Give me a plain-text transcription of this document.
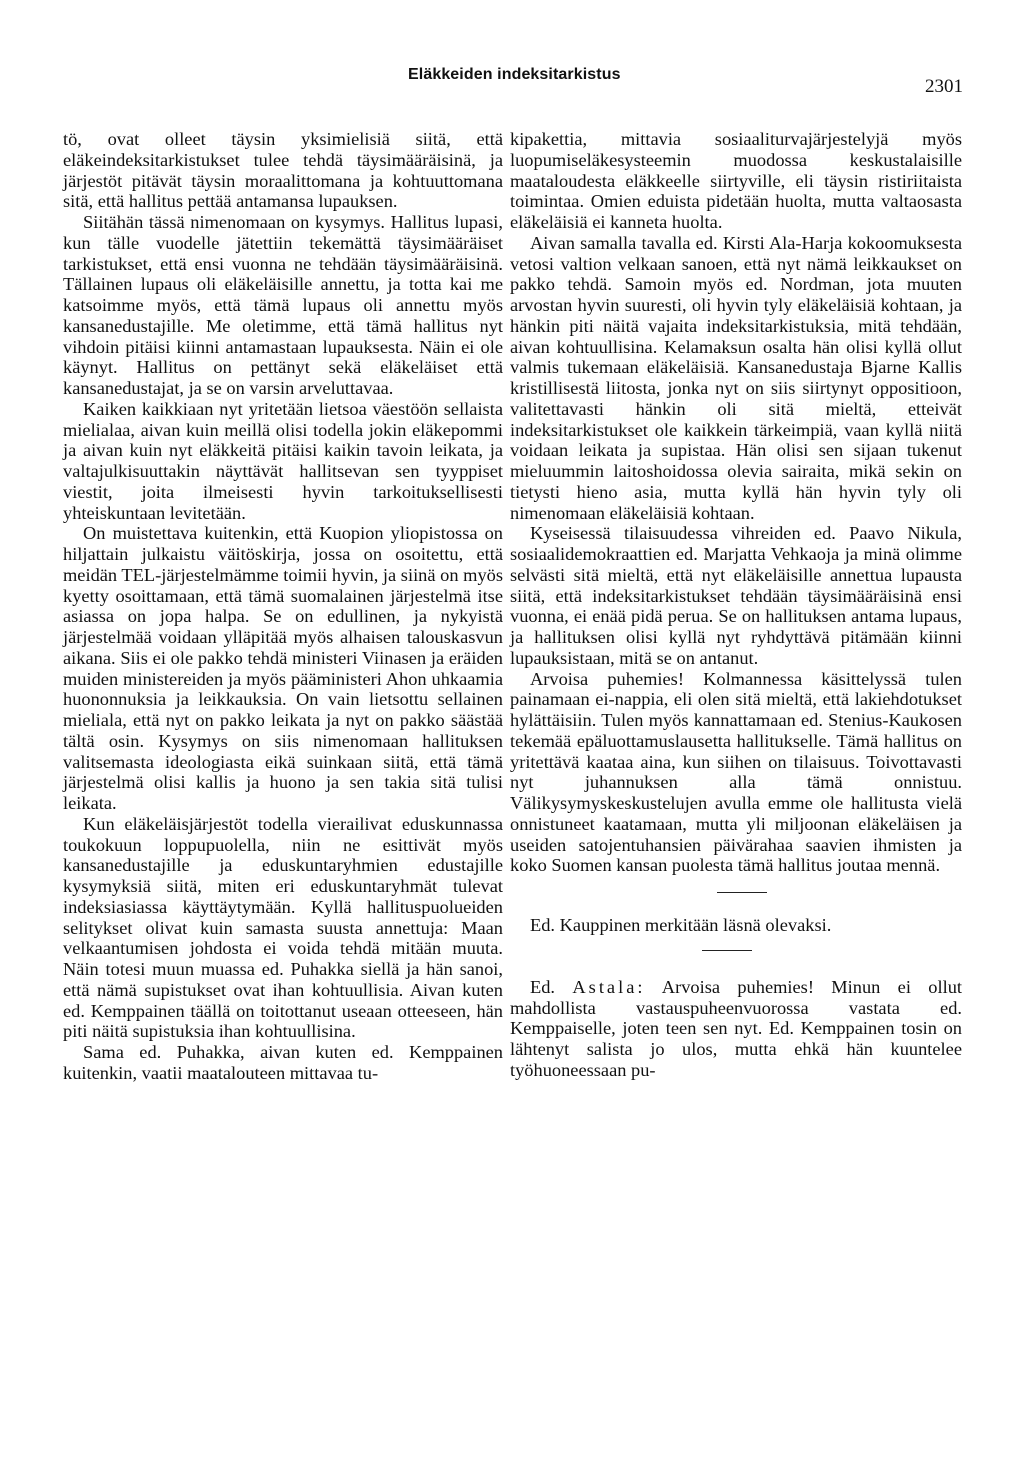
Eläkkeiden indeksitarkistus
2301

tö, ovat olleet täysin yksimielisiä siitä, että eläkeindeksitarkistukset tulee tehdä täysimääräisinä, ja järjestöt pitävät täysin moraalittomana ja kohtuuttomana sitä, että hallitus pettää antamansa lupauksen.

Siitähän tässä nimenomaan on kysymys. Hallitus lupasi, kun tälle vuodelle jätettiin tekemättä täysimääräiset tarkistukset, että ensi vuonna ne tehdään täysimääräisinä. Tällainen lupaus oli eläkeläisille annettu, ja totta kai me katsoimme myös, että tämä lupaus oli annettu myös kansanedustajille. Me oletimme, että tämä hallitus nyt vihdoin pitäisi kiinni antamastaan lupauksesta. Näin ei ole käynyt. Hallitus on pettänyt sekä eläkeläiset että kansanedustajat, ja se on varsin arveluttavaa.

Kaiken kaikkiaan nyt yritetään lietsoa väestöön sellaista mielialaa, aivan kuin meillä olisi todella jokin eläkepommi ja aivan kuin nyt eläkkeitä pitäisi kaikin tavoin leikata, ja valtajulkisuuttakin näyttävät hallitsevan sen tyyppiset viestit, joita ilmeisesti hyvin tarkoituksellisesti yhteiskuntaan levitetään.

On muistettava kuitenkin, että Kuopion yliopistossa on hiljattain julkaistu väitöskirja, jossa on osoitettu, että meidän TEL-järjestelmämme toimii hyvin, ja siinä on myös kyetty osoittamaan, että tämä suomalainen järjestelmä itse asiassa on jopa halpa. Se on edullinen, ja nykyistä järjestelmää voidaan ylläpitää myös alhaisen talouskasvun aikana. Siis ei ole pakko tehdä ministeri Viinasen ja eräiden muiden ministereiden ja myös pääministeri Ahon uhkaamia huononnuksia ja leikkauksia. On vain lietsottu sellainen mieliala, että nyt on pakko leikata ja nyt on pakko säästää tältä osin. Kysymys on siis nimenomaan hallituksen valitsemasta ideologiasta eikä suinkaan siitä, että tämä järjestelmä olisi kallis ja huono ja sen takia sitä tulisi leikata.

Kun eläkeläisjärjestöt todella vierailivat eduskunnassa toukokuun loppupuolella, niin ne esittivät myös kansanedustajille ja eduskuntaryhmien edustajille kysymyksiä siitä, miten eri eduskuntaryhmät tulevat indeksiasiassa käyttäytymään. Kyllä hallituspuolueiden selitykset olivat kuin samasta suusta annettuja: Maan velkaantumisen johdosta ei voida tehdä mitään muuta. Näin totesi muun muassa ed. Puhakka siellä ja hän sanoi, että nämä supistukset ovat ihan kohtuullisia. Aivan kuten ed. Kemppainen täällä on toitottanut useaan otteeseen, hän piti näitä supistuksia ihan kohtuullisina.

Sama ed. Puhakka, aivan kuten ed. Kemppainen kuitenkin, vaatii maatalouteen mittavaa tu-

kipakettia, mittavia sosiaaliturvajärjestelyjä myös luopumiseläkesysteemin muodossa keskustalaisille maataloudesta eläkkeelle siirtyville, eli täysin ristiriitaista toimintaa. Omien eduista pidetään huolta, mutta valtaosasta eläkeläisiä ei kanneta huolta.

Aivan samalla tavalla ed. Kirsti Ala-Harja kokoomuksesta vetosi valtion velkaan sanoen, että nyt nämä leikkaukset on pakko tehdä. Samoin myös ed. Nordman, jota muuten arvostan hyvin suuresti, oli hyvin tyly eläkeläisiä kohtaan, ja hänkin piti näitä vajaita indeksitarkistuksia, mitä tehdään, aivan kohtuullisina. Kelamaksun osalta hän olisi kyllä ollut valmis tukemaan eläkeläisiä. Kansanedustaja Bjarne Kallis kristillisestä liitosta, jonka nyt on siis siirtynyt oppositioon, valitettavasti hänkin oli sitä mieltä, etteivät indeksitarkistukset ole kaikkein tärkeimpiä, vaan kyllä niitä voidaan leikata ja supistaa. Hän olisi sen sijaan tukenut mieluummin laitoshoidossa olevia sairaita, mikä sekin on tietysti hieno asia, mutta kyllä hän hyvin tyly oli nimenomaan eläkeläisiä kohtaan.

Kyseisessä tilaisuudessa vihreiden ed. Paavo Nikula, sosiaalidemokraattien ed. Marjatta Vehkaoja ja minä olimme selvästi sitä mieltä, että nyt eläkeläisille annettua lupausta siitä, että indeksitarkistukset tehdään täysimääräisinä ensi vuonna, ei enää pidä perua. Se on hallituksen antama lupaus, ja hallituksen olisi kyllä nyt ryhdyttävä pitämään kiinni lupauksistaan, mitä se on antanut.

Arvoisa puhemies! Kolmannessa käsittelyssä tulen painamaan ei-nappia, eli olen sitä mieltä, että lakiehdotukset hylättäisiin. Tulen myös kannattamaan ed. Stenius-Kaukosen tekemää epäluottamuslausetta hallitukselle. Tämä hallitus on yritettävä kaataa aina, kun siihen on tilaisuus. Toivottavasti nyt juhannuksen alla tämä onnistuu. Välikysymyskeskustelujen avulla emme ole hallitusta vielä onnistuneet kaatamaan, mutta yli miljoonan eläkeläisen ja useiden satojentuhansien päivärahaa saavien ihmisten ja koko Suomen kansan puolesta tämä hallitus joutaa mennä.

Ed. Kauppinen merkitään läsnä olevaksi.

Ed. Astala: Arvoisa puhemies! Minun ei ollut mahdollista vastauspuheenvuorossa vastata ed. Kemppaiselle, joten teen sen nyt. Ed. Kemppainen tosin on lähtenyt salista jo ulos, mutta ehkä hän kuuntelee työhuoneessaan pu-
